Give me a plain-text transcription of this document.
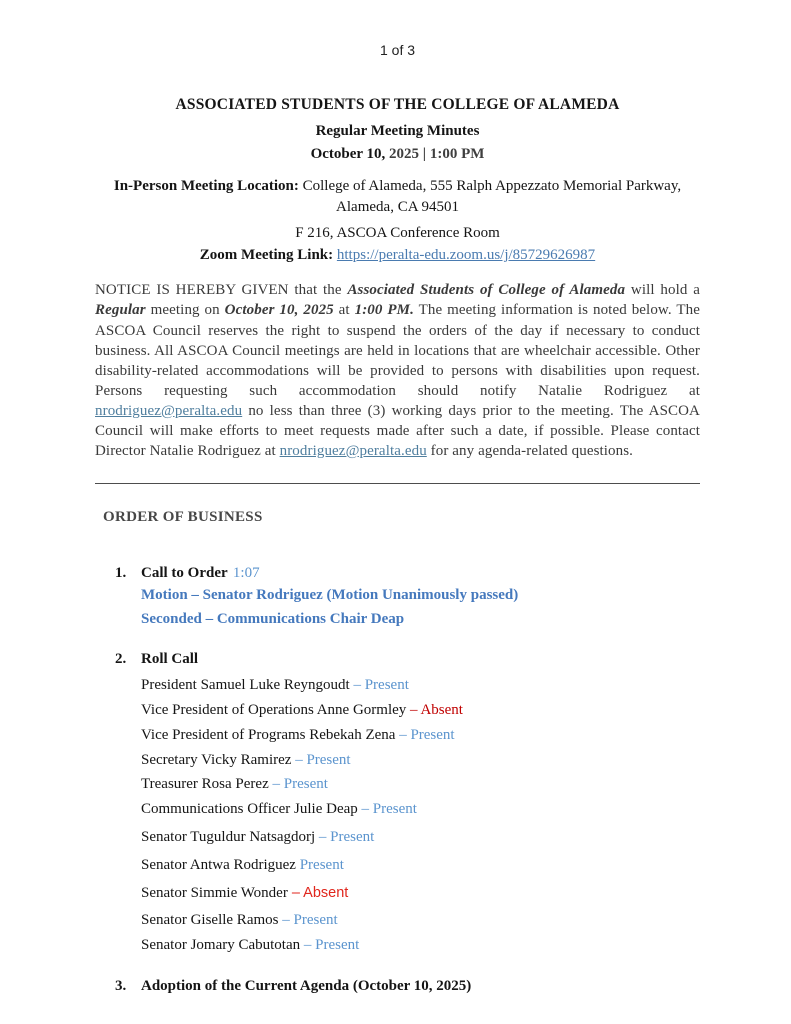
1 of 3
ASSOCIATED STUDENTS OF THE COLLEGE OF ALAMEDA
Regular Meeting Minutes
October 10, 2025 | 1:00 PM

In-Person Meeting Location: College of Alameda, 555 Ralph Appezzato Memorial Parkway,
Alameda, CA 94501

F 216, ASCOA Conference Room
Zoom Meeting Link: https://peralta-edu.zoom.us/j/85729626987

NOTICE IS HEREBY GIVEN that the Associated Students of College of Alameda will hold a Regular meeting on October 10, 2025 at 1:00 PM. The meeting information is noted below. The ASCOA Council reserves the right to suspend the orders of the day if necessary to conduct business. All ASCOA Council meetings are held in locations that are wheelchair accessible. Other disability-related accommodations will be provided to persons with disabilities upon request. Persons requesting such accommodation should notify Natalie Rodriguez at nrodriguez@peralta.edu no less than three (3) working days prior to the meeting. The ASCOA Council will make efforts to meet requests made after such a date, if possible. Please contact Director Natalie Rodriguez at nrodriguez@peralta.edu for any agenda-related questions.

ORDER OF BUSINESS
1. Call to Order 1:07
Motion – Senator Rodriguez (Motion Unanimously passed)
Seconded – Communications Chair Deap
2. Roll Call
President Samuel Luke Reyngoudt – Present
Vice President of Operations Anne Gormley – Absent
Vice President of Programs Rebekah Zena – Present
Secretary Vicky Ramirez – Present
Treasurer Rosa Perez – Present
Communications Officer Julie Deap – Present
Senator Tuguldur Natsagdorj – Present
Senator Antwa Rodriguez Present
Senator Simmie Wonder – Absent
Senator Giselle Ramos – Present
Senator Jomary Cabutotan – Present
3. Adoption of the Current Agenda (October 10, 2025)
